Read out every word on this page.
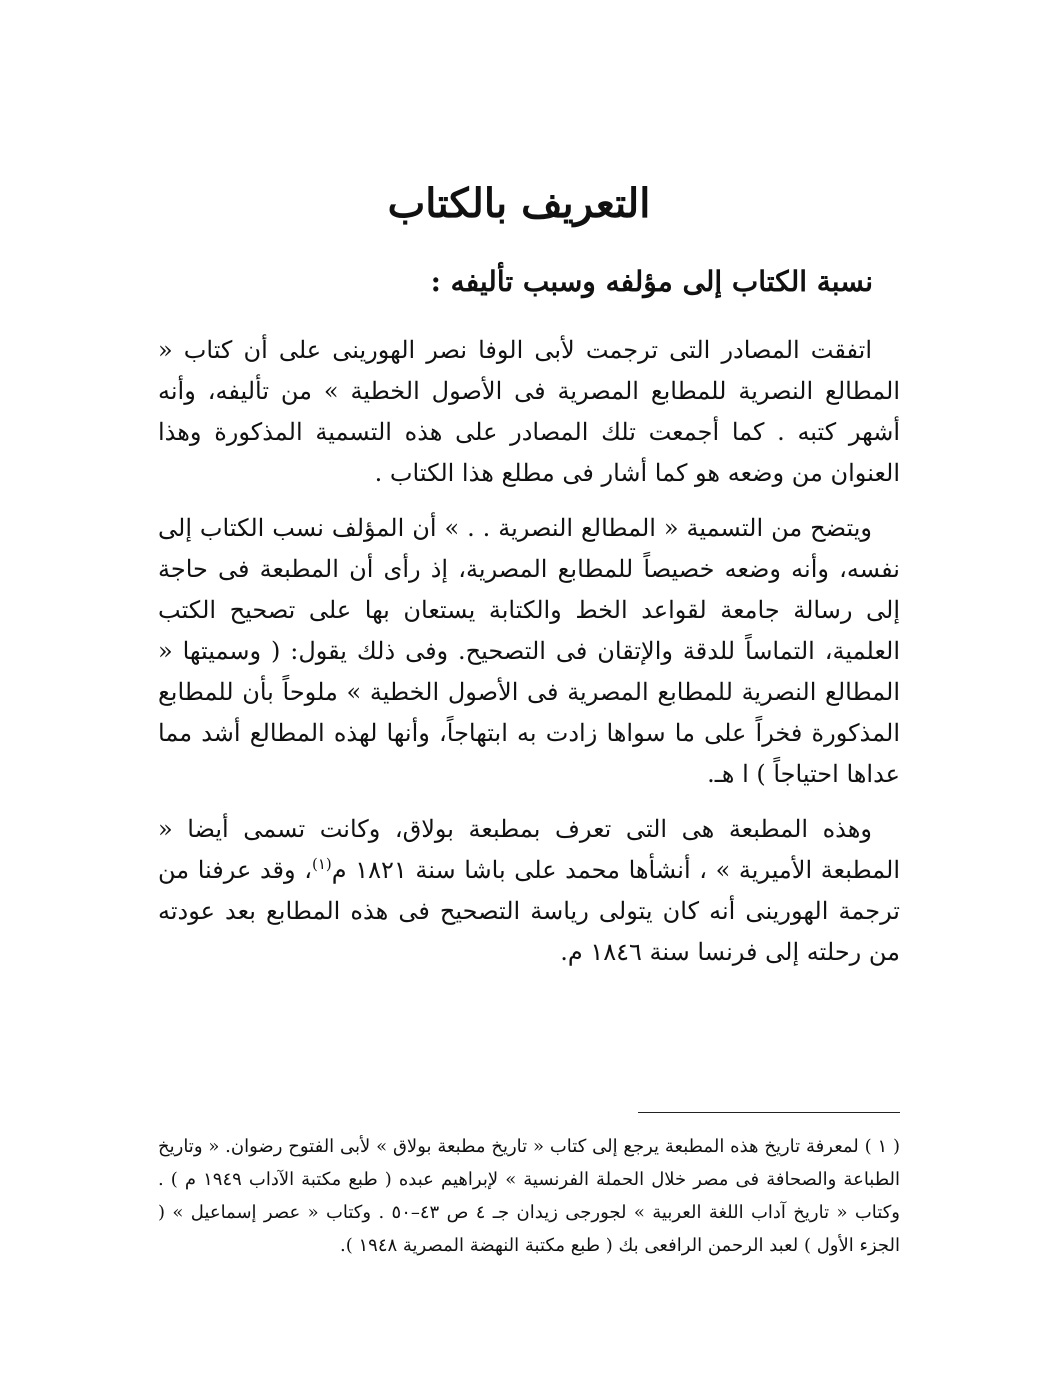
التعريف بالكتاب
نسبة الكتاب إلى مؤلفه وسبب تأليفه :

اتفقت المصادر التى ترجمت لأبى الوفا نصر الهورينى على أن كتاب « المطالع النصرية للمطابع المصرية فى الأصول الخطية » من تأليفه، وأنه أشهر كتبه . كما أجمعت تلك المصادر على هذه التسمية المذكورة وهذا العنوان من وضعه هو كما أشار فى مطلع هذا الكتاب .

ويتضح من التسمية « المطالع النصرية . . » أن المؤلف نسب الكتاب إلى نفسه، وأنه وضعه خصيصاً للمطابع المصرية، إذ رأى أن المطبعة فى حاجة إلى رسالة جامعة لقواعد الخط والكتابة يستعان بها على تصحيح الكتب العلمية، التماساً للدقة والإتقان فى التصحيح. وفى ذلك يقول: ( وسميتها « المطالع النصرية للمطابع المصرية فى الأصول الخطية » ملوحاً بأن للمطابع المذكورة فخراً على ما سواها زادت به ابتهاجاً، وأنها لهذه المطالع أشد مما عداها احتياجاً ) ا هـ.

وهذه المطبعة هى التى تعرف بمطبعة بولاق، وكانت تسمى أيضا « المطبعة الأميرية » ، أنشأها محمد على باشا سنة ١٨٢١ م$^{(١)}$، وقد عرفنا من ترجمة الهورينى أنه كان يتولى رياسة التصحيح فى هذه المطابع بعد عودته من رحلته إلى فرنسا سنة ١٨٤٦ م.

( ١ ) لمعرفة تاريخ هذه المطبعة يرجع إلى كتاب « تاريخ مطبعة بولاق » لأبى الفتوح رضوان. « وتاريخ الطباعة والصحافة فى مصر خلال الحملة الفرنسية » لإبراهيم عبده ( طبع مكتبة الآداب ١٩٤٩ م ) . وكتاب « تاريخ آداب اللغة العربية » لجورجى زيدان جـ ٤ ص ٤٣–٥٠ . وكتاب « عصر إسماعيل » ( الجزء الأول ) لعبد الرحمن الرافعى بك ( طبع مكتبة النهضة المصرية ١٩٤٨ ).
